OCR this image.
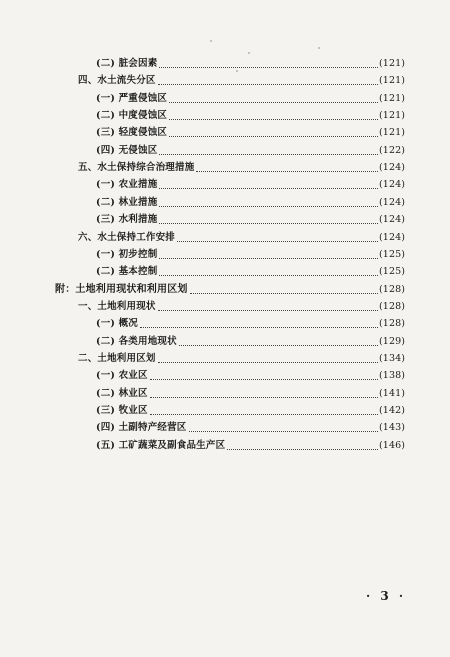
(二) 脏会因素	(121)
四、水土流失分区	(121)
(一) 严重侵蚀区	(121)
(二) 中度侵蚀区	(121)
(三) 轻度侵蚀区	(121)
(四) 无侵蚀区	(122)
五、水土保持综合治理措施	(124)
(一) 农业措施	(124)
(二) 林业措施	(124)
(三) 水利措施	(124)
六、水土保持工作安排	(124)
(一) 初步控制	(125)
(二) 基本控制	(125)
附：土地利用现状和利用区划	(128)
一、土地利用现状	(128)
(一) 概况	(128)
(二) 各类用地现状	(129)
二、土地利用区划	(134)
(一) 农业区	(138)
(二) 林业区	(141)
(三) 牧业区	(142)
(四) 土副特产经营区	(143)
(五) 工矿蔬菜及副食品生产区	(146)
· 3 ·
